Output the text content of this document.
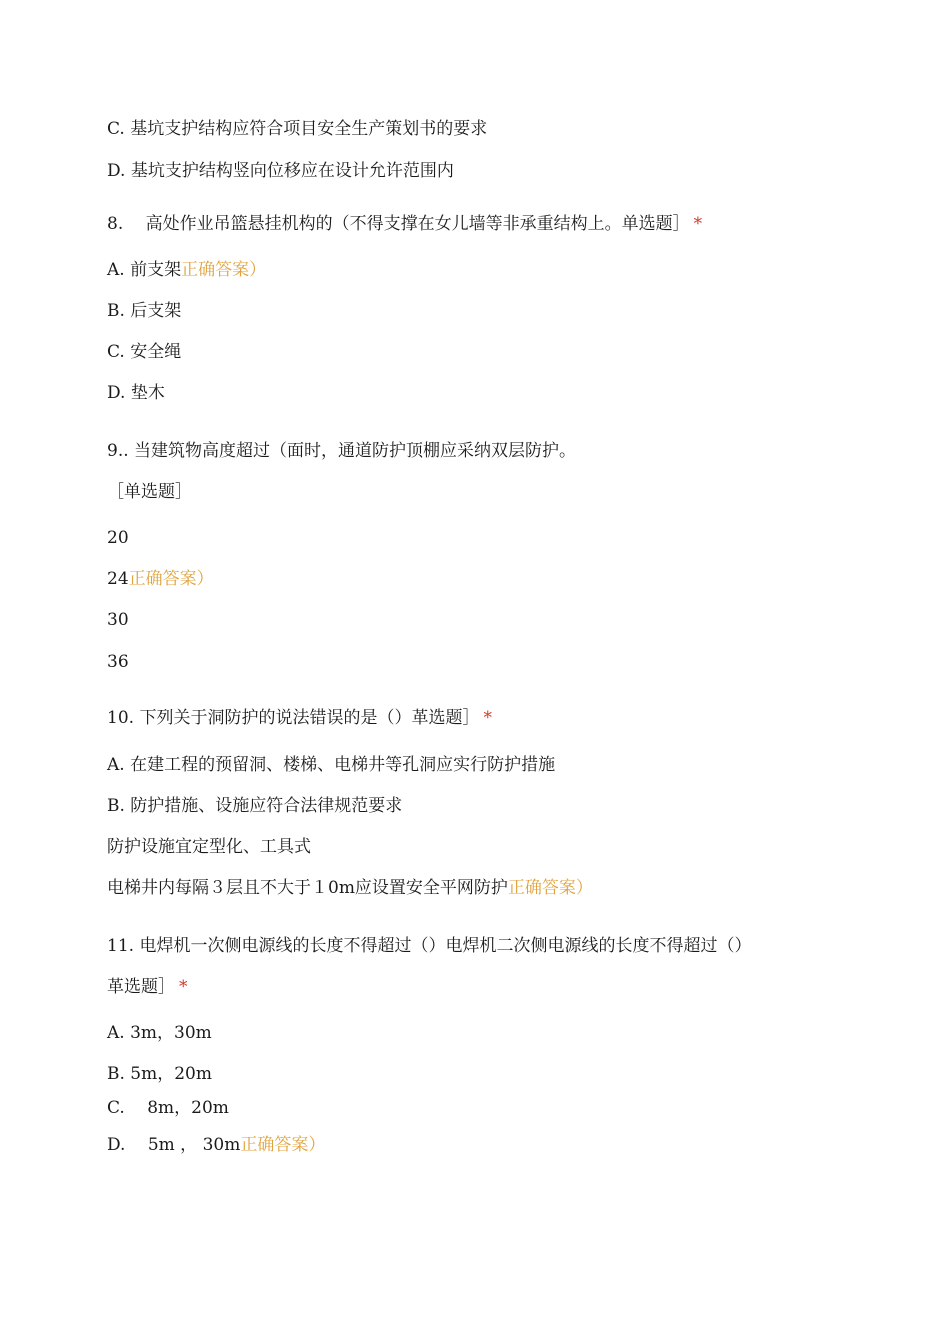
C. 基坑支护结构应符合项目安全生产策划书的要求
D. 基坑支护结构竖向位移应在设计允许范围内
8.　 高处作业吊篮悬挂机构的（不得支撑在女儿墙等非承重结构上。单选题］ *
A. 前支架正确答案）
B. 后支架
C. 安全绳
D. 垫木
9.. 当建筑物高度超过（面时，通道防护顶棚应采纳双层防护。
［单选题］
20
24正确答案）
30
36
10. 下列关于洞防护的说法错误的是（）革选题］ *
A. 在建工程的预留洞、楼梯、电梯井等孔洞应实行防护措施
B. 防护措施、设施应符合法律规范要求
防护设施宜定型化、工具式
电梯井内每隔３层且不大于１0m应设置安全平网防护正确答案）
11. 电焊机一次侧电源线的长度不得超过（）电焊机二次侧电源线的长度不得超过（）
革选题］ *
A. 3m，30m
B. 5m，20m
C.　 8m，20m
D.　 5m ， 30m正确答案）
